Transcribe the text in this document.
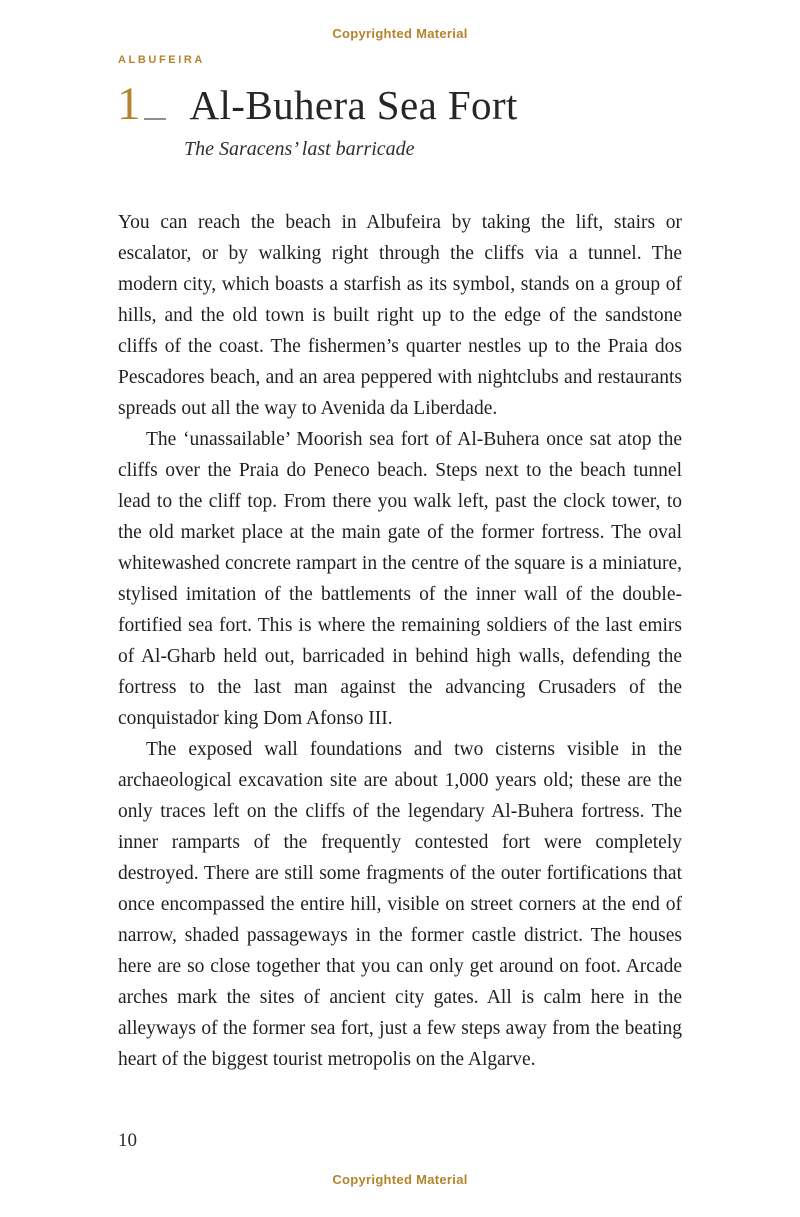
Copyrighted Material
ALBUFEIRA
1 Al-Buhera Sea Fort
The Saracens’ last barricade

You can reach the beach in Albufeira by taking the lift, stairs or escalator, or by walking right through the cliffs via a tunnel. The modern city, which boasts a starfish as its symbol, stands on a group of hills, and the old town is built right up to the edge of the sandstone cliffs of the coast. The fishermen’s quarter nestles up to the Praia dos Pescadores beach, and an area peppered with nightclubs and restaurants spreads out all the way to Avenida da Liberdade.

The ‘unassailable’ Moorish sea fort of Al-Buhera once sat atop the cliffs over the Praia do Peneco beach. Steps next to the beach tunnel lead to the cliff top. From there you walk left, past the clock tower, to the old market place at the main gate of the former fortress. The oval whitewashed concrete rampart in the centre of the square is a miniature, stylised imitation of the battlements of the inner wall of the double-fortified sea fort. This is where the remaining soldiers of the last emirs of Al-Gharb held out, barricaded in behind high walls, defending the fortress to the last man against the advancing Crusaders of the conquistador king Dom Afonso III.

The exposed wall foundations and two cisterns visible in the archaeological excavation site are about 1,000 years old; these are the only traces left on the cliffs of the legendary Al-Buhera fortress. The inner ramparts of the frequently contested fort were completely destroyed. There are still some fragments of the outer fortifications that once encompassed the entire hill, visible on street corners at the end of narrow, shaded passageways in the former castle district. The houses here are so close together that you can only get around on foot. Arcade arches mark the sites of ancient city gates. All is calm here in the alleyways of the former sea fort, just a few steps away from the beating heart of the biggest tourist metropolis on the Algarve.

10
Copyrighted Material
